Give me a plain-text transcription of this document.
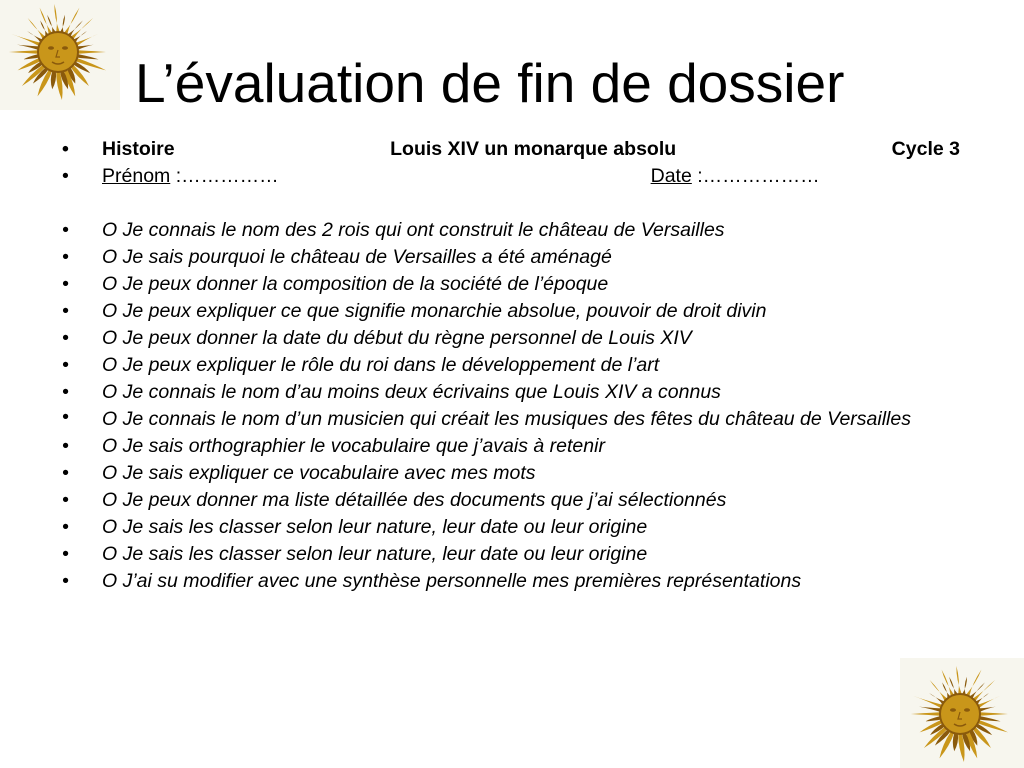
L’évaluation de fin de dossier
• Histoire	Louis XIV un monarque absolu	Cycle 3
• Prénom :……………	Date :………………
• O Je connais le nom des 2 rois qui ont construit le château de Versailles
• O Je sais pourquoi le château de Versailles a été aménagé
• O Je peux donner la composition de la société de l’époque
• O Je peux expliquer ce que signifie monarchie absolue, pouvoir de droit divin
• O Je peux donner la date du début du règne personnel de Louis XIV
• O Je peux expliquer le rôle du roi dans le développement de l’art
• O Je connais le nom d’au moins deux écrivains que Louis XIV a connus
• O Je connais le nom d’un musicien qui créait les musiques des fêtes du château de Versailles
• O Je sais orthographier le vocabulaire que j’avais à retenir
• O Je sais expliquer ce vocabulaire avec mes mots
• O Je peux donner ma liste détaillée des documents que j’ai sélectionnés
• O Je sais les classer selon leur nature, leur date ou leur origine
• O Je sais les classer selon leur nature, leur date ou leur origine
• O J’ai su modifier avec une synthèse personnelle mes premières représentations
